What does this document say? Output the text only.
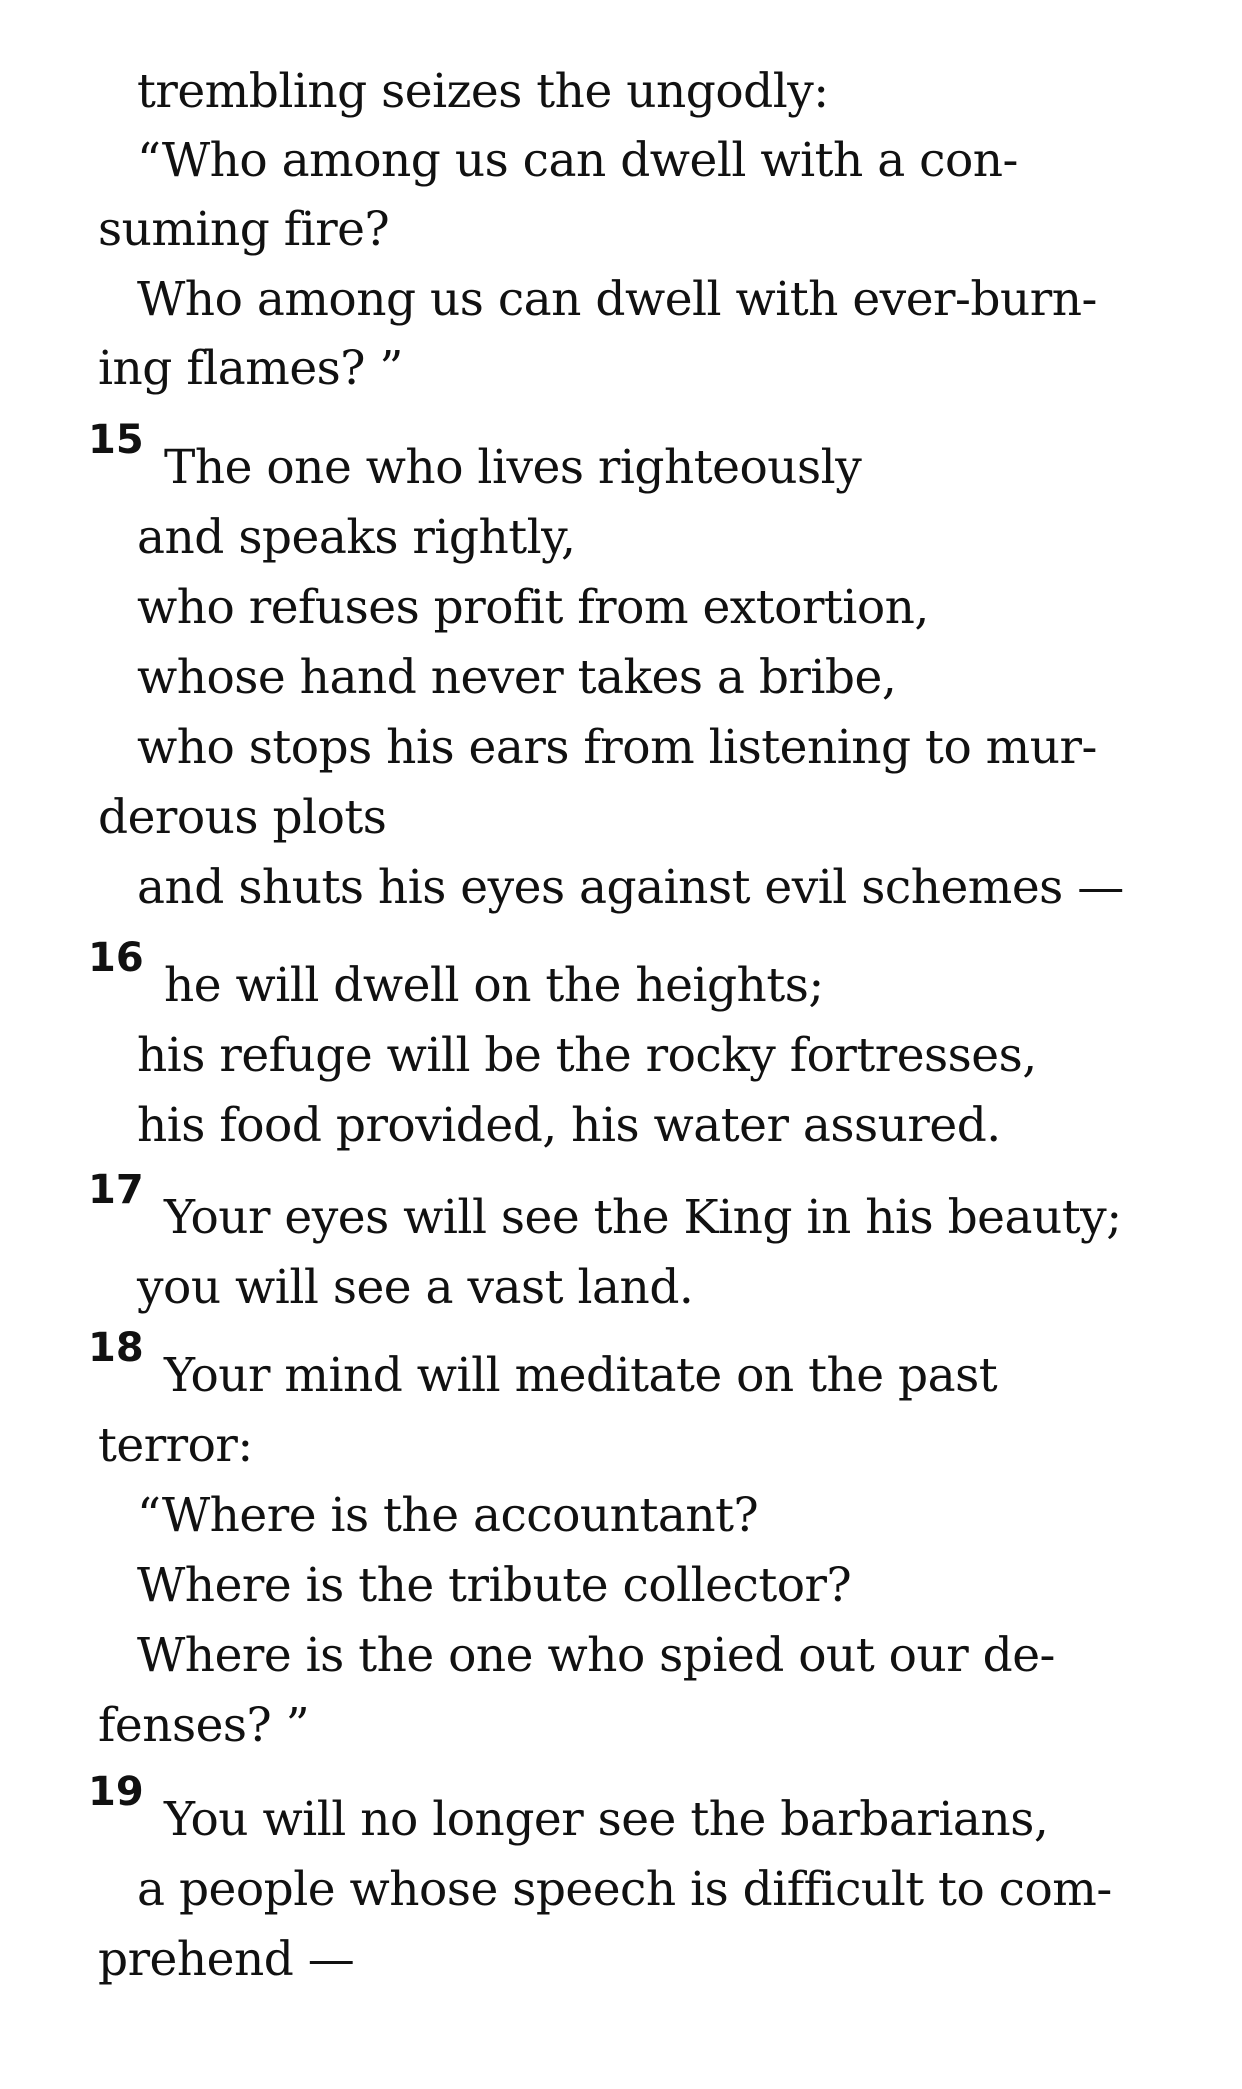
trembling seizes the ungodly:
“Who among us can dwell with a con-
suming fire?
Who among us can dwell with ever-burn-
ing flames? ”
15 The one who lives righteously
and speaks rightly,
who refuses profit from extortion,
whose hand never takes a bribe,
who stops his ears from listening to mur-
derous plots
and shuts his eyes against evil schemes —
16 he will dwell on the heights;
his refuge will be the rocky fortresses,
his food provided, his water assured.
17 Your eyes will see the King in his beauty;
you will see a vast land.
18 Your mind will meditate on the past
terror:
“Where is the accountant?
Where is the tribute collector?
Where is the one who spied out our de-
fenses? ”
19 You will no longer see the barbarians,
a people whose speech is difficult to com-
prehend —
